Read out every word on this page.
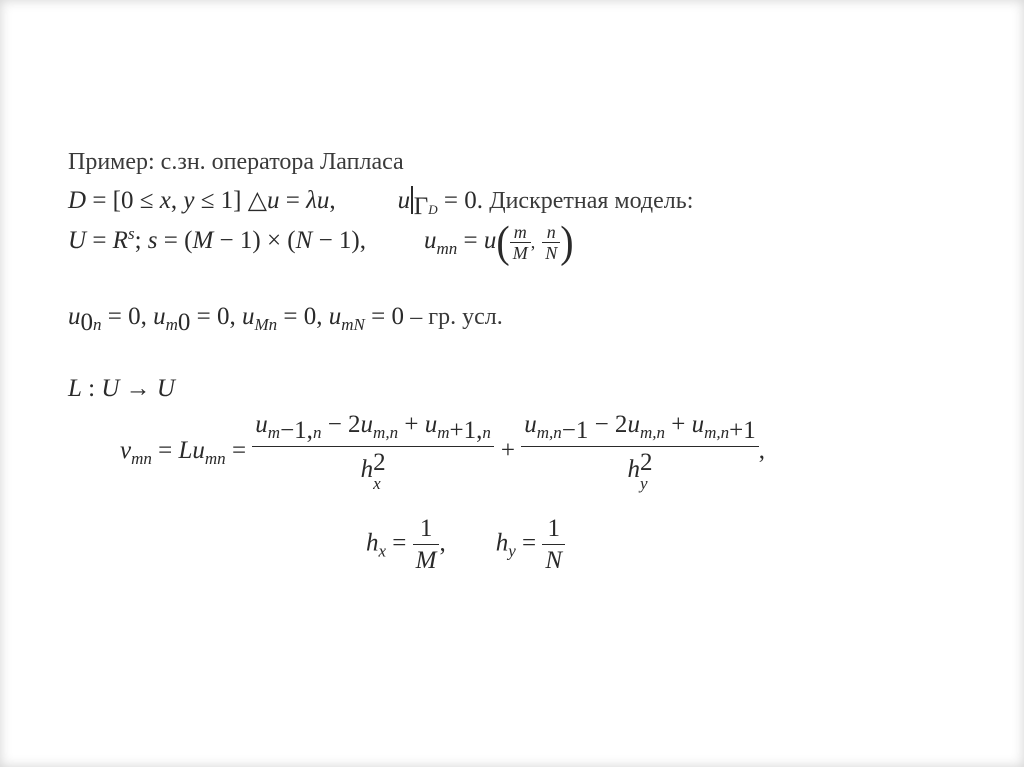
Пример: с.зн. оператора Лапласа
D = [0 ≤ x, y ≤ 1] △u = λu, u $_{\Gamma D}$ = 0. Дискретная модель:
$U = R^s$; s = (M − 1) × (N − 1), $u_{mn} = u( \frac{m}{M}$ , $\frac{n}{N}$ )
$u_{0n} = 0$, $u_{m0} = 0$, $u_{Mn} = 0$, $u_{mN} = 0$ – гр. усл.
L : U → U
$v_{mn} = Lu_{mn} = u_{m-1,n} - 2u_{m,n} + u_{m+1,n}$
h 2
$x + u_{m,n-1} - 2u_{m,n} + u_{m,n+1}$
h 2
y ,
$h_x = \frac{1}{M}$ , $h_y = \frac{1}{N}$
